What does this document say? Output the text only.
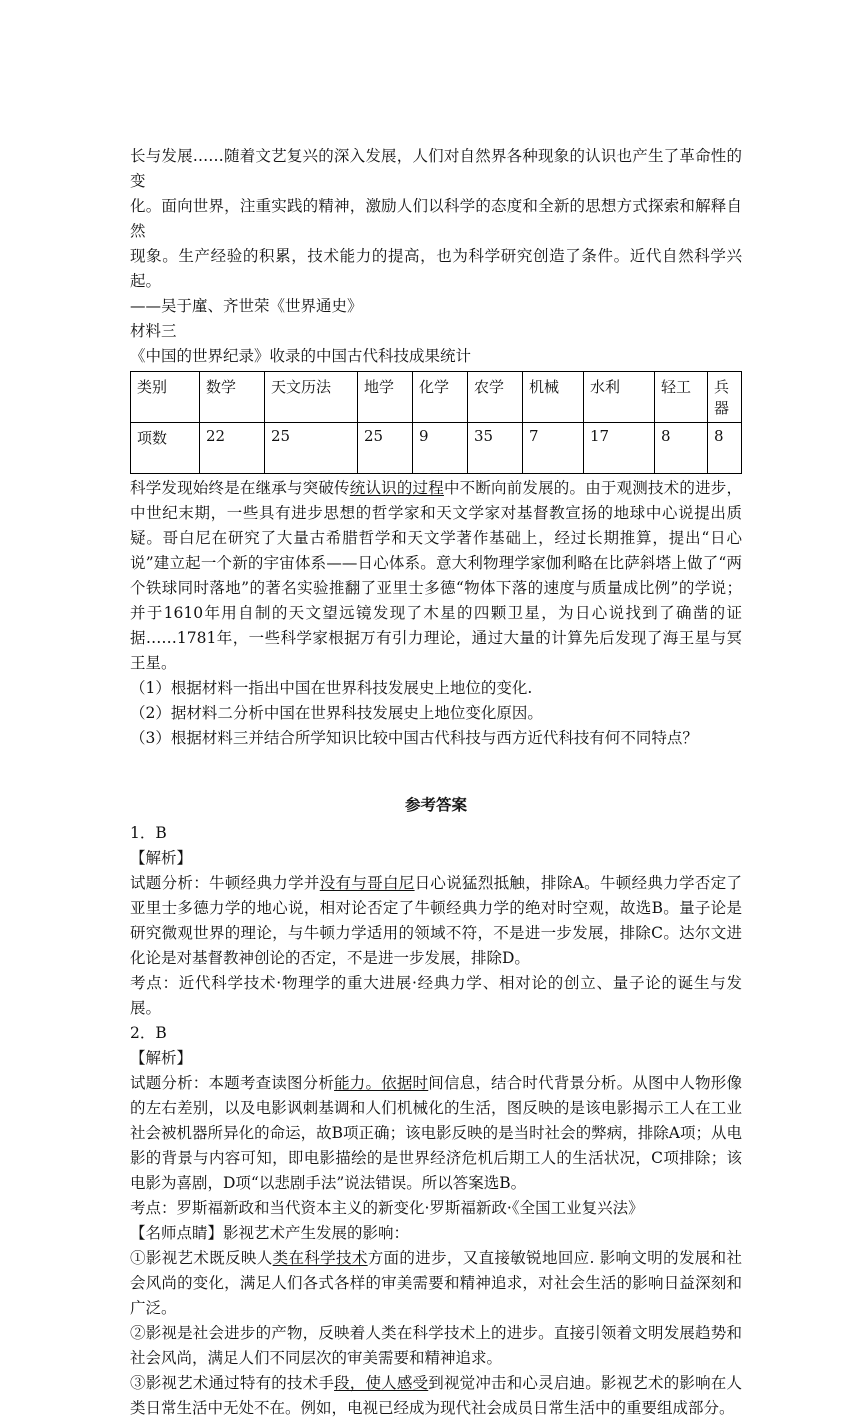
长与发展……随着文艺复兴的深入发展，人们对自然界各种现象的认识也产生了革命性的变

化。面向世界，注重实践的精神，激励人们以科学的态度和全新的思想方式探索和解释自然

现象。生产经验的积累，技术能力的提高，也为科学研究创造了条件。近代自然科学兴起。

——吴于廑、齐世荣《世界通史》

材料三

《中国的世界纪录》收录的中国古代科技成果统计

类别	数学	天文历法	地学	化学	农学	机械	水利	轻工	兵器
项数	22	25	25	9	35	7	17	8	8

科学发现始终是在继承与突破传统认识的过程中不断向前发展的。由于观测技术的进步，中世纪末期，一些具有进步思想的哲学家和天文学家对基督教宣扬的地球中心说提出质疑。哥白尼在研究了大量古希腊哲学和天文学著作基础上，经过长期推算，提出“日心说”建立起一个新的宇宙体系——日心体系。意大利物理学家伽利略在比萨斜塔上做了“两个铁球同时落地”的著名实验推翻了亚里士多德“物体下落的速度与质量成比例”的学说；并于1610年用自制的天文望远镜发现了木星的四颗卫星，为日心说找到了确凿的证据……1781年，一些科学家根据万有引力理论，通过大量的计算先后发现了海王星与冥王星。

（1）根据材料一指出中国在世界科技发展史上地位的变化.

（2）据材料二分析中国在世界科技发展史上地位变化原因。

（3）根据材料三并结合所学知识比较中国古代科技与西方近代科技有何不同特点？

参考答案

1．B

【解析】

试题分析：牛顿经典力学并没有与哥白尼日心说猛烈抵触，排除A。牛顿经典力学否定了亚里士多德力学的地心说，相对论否定了牛顿经典力学的绝对时空观，故选B。量子论是研究微观世界的理论，与牛顿力学适用的领域不符，不是进一步发展，排除C。达尔文进化论是对基督教神创论的否定，不是进一步发展，排除D。

考点：近代科学技术·物理学的重大进展·经典力学、相对论的创立、量子论的诞生与发展。

2．B

【解析】

试题分析：本题考查读图分析能力。依据时间信息，结合时代背景分析。从图中人物形像的左右差别，以及电影讽刺基调和人们机械化的生活，图反映的是该电影揭示工人在工业社会被机器所异化的命运，故B项正确；该电影反映的是当时社会的弊病，排除A项；从电影的背景与内容可知，即电影描绘的是世界经济危机后期工人的生活状况，C项排除；该电影为喜剧，D项“以悲剧手法”说法错误。所以答案选B。

考点：罗斯福新政和当代资本主义的新变化·罗斯福新政·《全国工业复兴法》

【名师点睛】影视艺术产生发展的影响：

①影视艺术既反映人类在科学技术方面的进步，又直接敏锐地回应. 影响文明的发展和社会风尚的变化，满足人们各式各样的审美需要和精神追求，对社会生活的影响日益深刻和广泛。

②影视是社会进步的产物，反映着人类在科学技术上的进步。直接引领着文明发展趋势和社会风尚，满足人们不同层次的审美需要和精神追求。

③影视艺术通过特有的技术手段，使人感受到视觉冲击和心灵启迪。影视艺术的影响在人类日常生活中无处不在。例如，电视已经成为现代社会成员日常生活中的重要组成部分。
